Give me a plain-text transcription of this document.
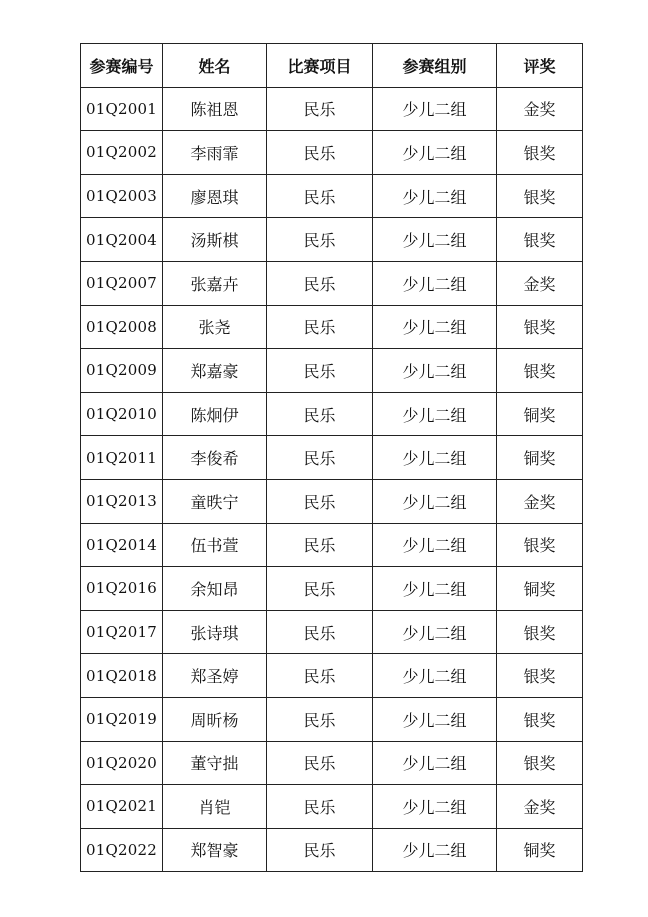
参赛编号	姓名	比赛项目	参赛组别	评奖
01Q2001	陈祖恩	民乐	少儿二组	金奖
01Q2002	李雨霏	民乐	少儿二组	银奖
01Q2003	廖恩琪	民乐	少儿二组	银奖
01Q2004	汤斯棋	民乐	少儿二组	银奖
01Q2007	张嘉卉	民乐	少儿二组	金奖
01Q2008	张尧	民乐	少儿二组	银奖
01Q2009	郑嘉豪	民乐	少儿二组	银奖
01Q2010	陈炯伊	民乐	少儿二组	铜奖
01Q2011	李俊希	民乐	少儿二组	铜奖
01Q2013	童昳宁	民乐	少儿二组	金奖
01Q2014	伍书萱	民乐	少儿二组	银奖
01Q2016	余知昂	民乐	少儿二组	铜奖
01Q2017	张诗琪	民乐	少儿二组	银奖
01Q2018	郑圣婷	民乐	少儿二组	银奖
01Q2019	周昕杨	民乐	少儿二组	银奖
01Q2020	董守拙	民乐	少儿二组	银奖
01Q2021	肖铠	民乐	少儿二组	金奖
01Q2022	郑智豪	民乐	少儿二组	铜奖
